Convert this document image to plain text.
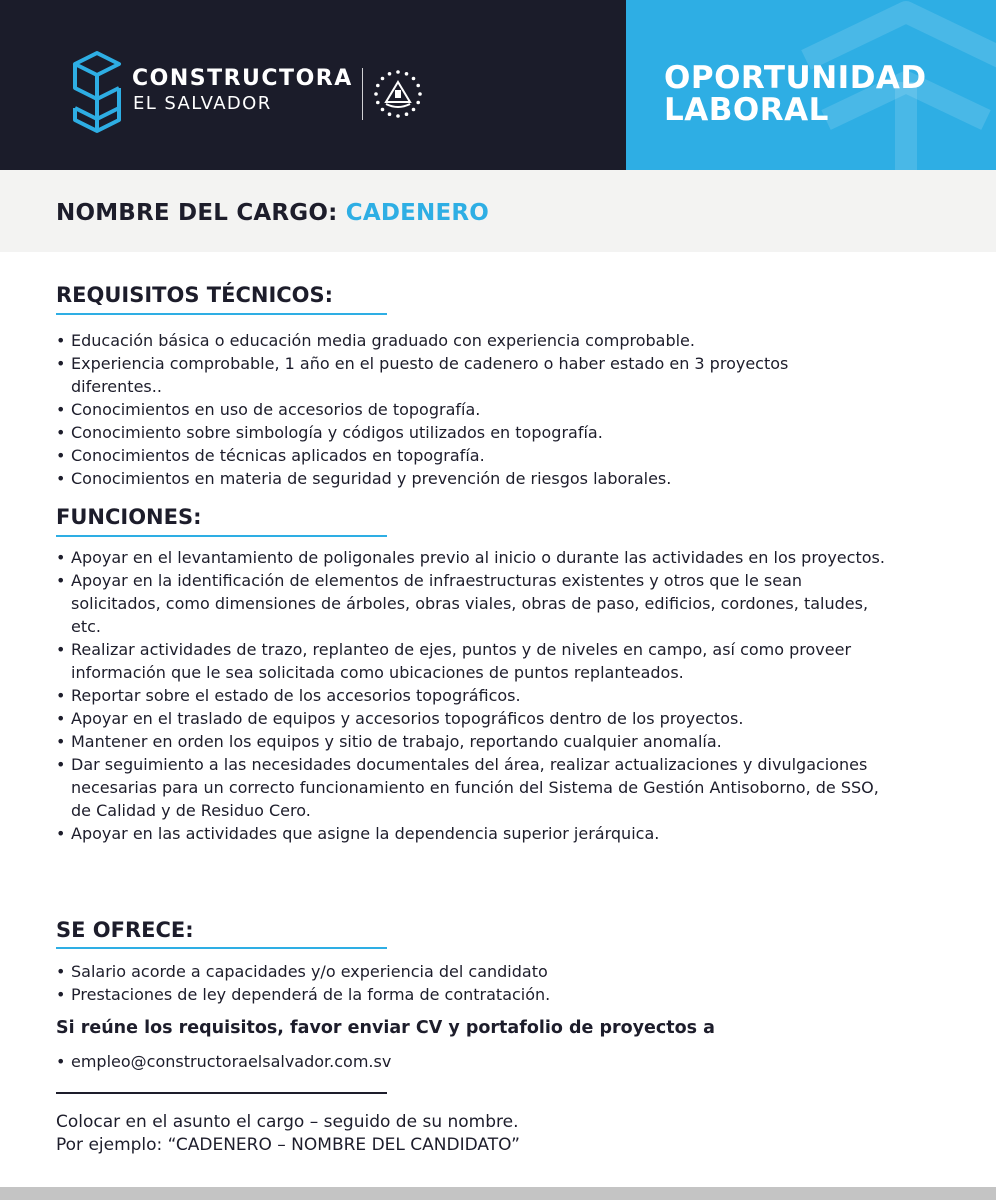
CONSTRUCTORA
EL SALVADOR
OPORTUNIDAD
LABORAL
NOMBRE DEL CARGO: CADENERO
REQUISITOS TÉCNICOS:
• Educación básica o educación media graduado con experiencia comprobable.
• Experiencia comprobable, 1 año en el puesto de cadenero o haber estado en 3 proyectos diferentes..
• Conocimientos en uso de accesorios de topografía.
• Conocimiento sobre simbología y códigos utilizados en topografía.
• Conocimientos de técnicas aplicados en topografía.
• Conocimientos en materia de seguridad y prevención de riesgos laborales.
FUNCIONES:
• Apoyar en el levantamiento de poligonales previo al inicio o durante las actividades en los proyectos.
• Apoyar en la identificación de elementos de infraestructuras existentes y otros que le sean solicitados, como dimensiones de árboles, obras viales, obras de paso, edificios, cordones, taludes, etc.
• Realizar actividades de trazo, replanteo de ejes, puntos y de niveles en campo, así como proveer información que le sea solicitada como ubicaciones de puntos replanteados.
• Reportar sobre el estado de los accesorios topográficos.
• Apoyar en el traslado de equipos y accesorios topográficos dentro de los proyectos.
• Mantener en orden los equipos y sitio de trabajo, reportando cualquier anomalía.
• Dar seguimiento a las necesidades documentales del área, realizar actualizaciones y divulgaciones necesarias para un correcto funcionamiento en función del Sistema de Gestión Antisoborno, de SSO, de Calidad y de Residuo Cero.
• Apoyar en las actividades que asigne la dependencia superior jerárquica.
SE OFRECE:
• Salario acorde a capacidades y/o experiencia del candidato
• Prestaciones de ley dependerá de la forma de contratación.
Si reúne los requisitos, favor enviar CV y portafolio de proyectos a
• empleo@constructoraelsalvador.com.sv
Colocar en el asunto el cargo – seguido de su nombre.
Por ejemplo: “CADENERO – NOMBRE DEL CANDIDATO”
